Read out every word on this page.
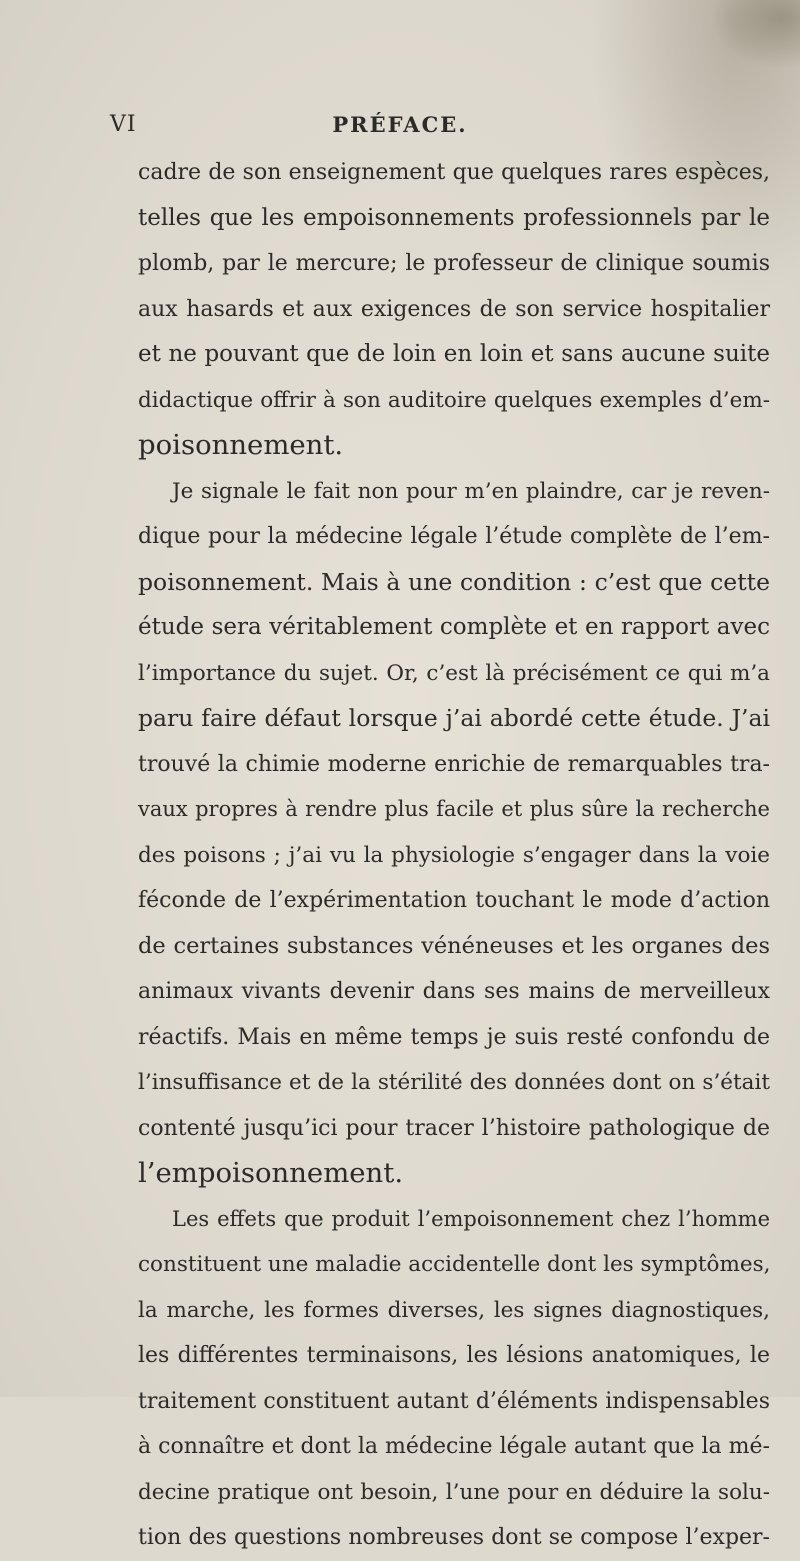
VI	PRÉFACE.
cadre de son enseignement que quelques rares espèces,
telles que les empoisonnements professionnels par le
plomb, par le mercure; le professeur de clinique soumis
aux hasards et aux exigences de son service hospitalier
et ne pouvant que de loin en loin et sans aucune suite
didactique offrir à son auditoire quelques exemples d’em-
poisonnement.
Je signale le fait non pour m’en plaindre, car je reven-
dique pour la médecine légale l’étude complète de l’em-
poisonnement. Mais à une condition : c’est que cette
étude sera véritablement complète et en rapport avec
l’importance du sujet. Or, c’est là précisément ce qui m’a
paru faire défaut lorsque j’ai abordé cette étude. J’ai
trouvé la chimie moderne enrichie de remarquables tra-
vaux propres à rendre plus facile et plus sûre la recherche
des poisons ; j’ai vu la physiologie s’engager dans la voie
féconde de l’expérimentation touchant le mode d’action
de certaines substances vénéneuses et les organes des
animaux vivants devenir dans ses mains de merveilleux
réactifs. Mais en même temps je suis resté confondu de
l’insuffisance et de la stérilité des données dont on s’était
contenté jusqu’ici pour tracer l’histoire pathologique de
l’empoisonnement.
Les effets que produit l’empoisonnement chez l’homme
constituent une maladie accidentelle dont les symptômes,
la marche, les formes diverses, les signes diagnostiques,
les différentes terminaisons, les lésions anatomiques, le
traitement constituent autant d’éléments indispensables
à connaître et dont la médecine légale autant que la mé-
decine pratique ont besoin, l’une pour en déduire la solu-
tion des questions nombreuses dont se compose l’exper-
